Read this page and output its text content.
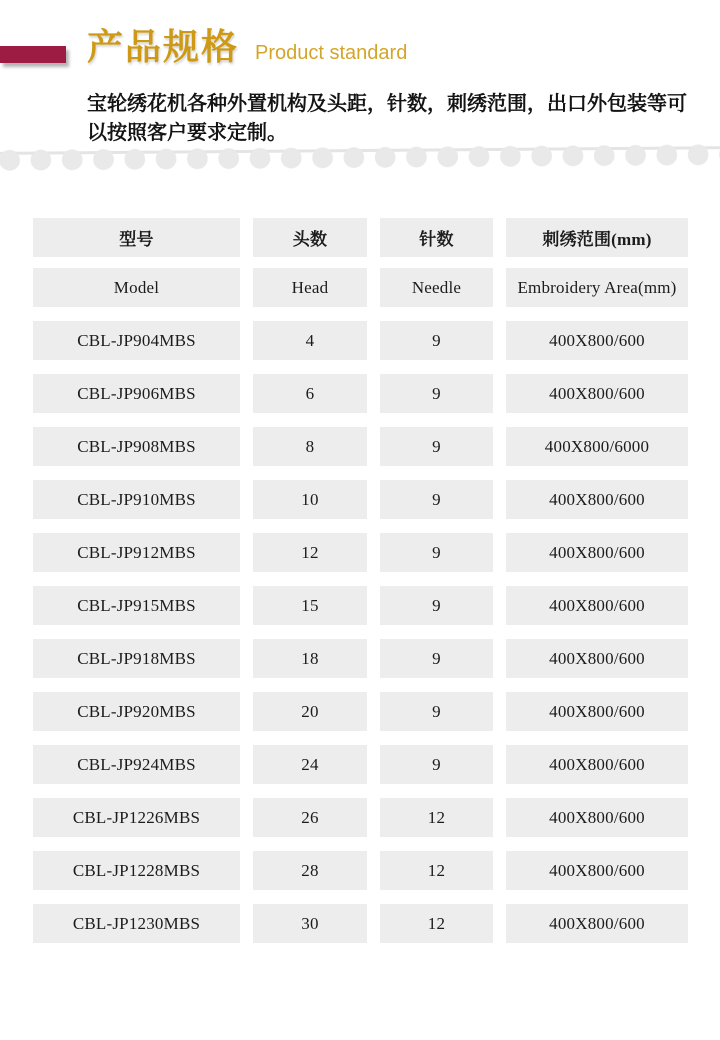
产品规格 Product standard

宝轮绣花机各种外置机构及头距，针数，刺绣范围，出口外包装等可以按照客户要求定制。

型号	头数	针数	刺绣范围(mm)
Model	Head	Needle	Embroidery Area(mm)
CBL-JP904MBS	4	9	400X800/600
CBL-JP906MBS	6	9	400X800/600
CBL-JP908MBS	8	9	400X800/6000
CBL-JP910MBS	10	9	400X800/600
CBL-JP912MBS	12	9	400X800/600
CBL-JP915MBS	15	9	400X800/600
CBL-JP918MBS	18	9	400X800/600
CBL-JP920MBS	20	9	400X800/600
CBL-JP924MBS	24	9	400X800/600
CBL-JP1226MBS	26	12	400X800/600
CBL-JP1228MBS	28	12	400X800/600
CBL-JP1230MBS	30	12	400X800/600
